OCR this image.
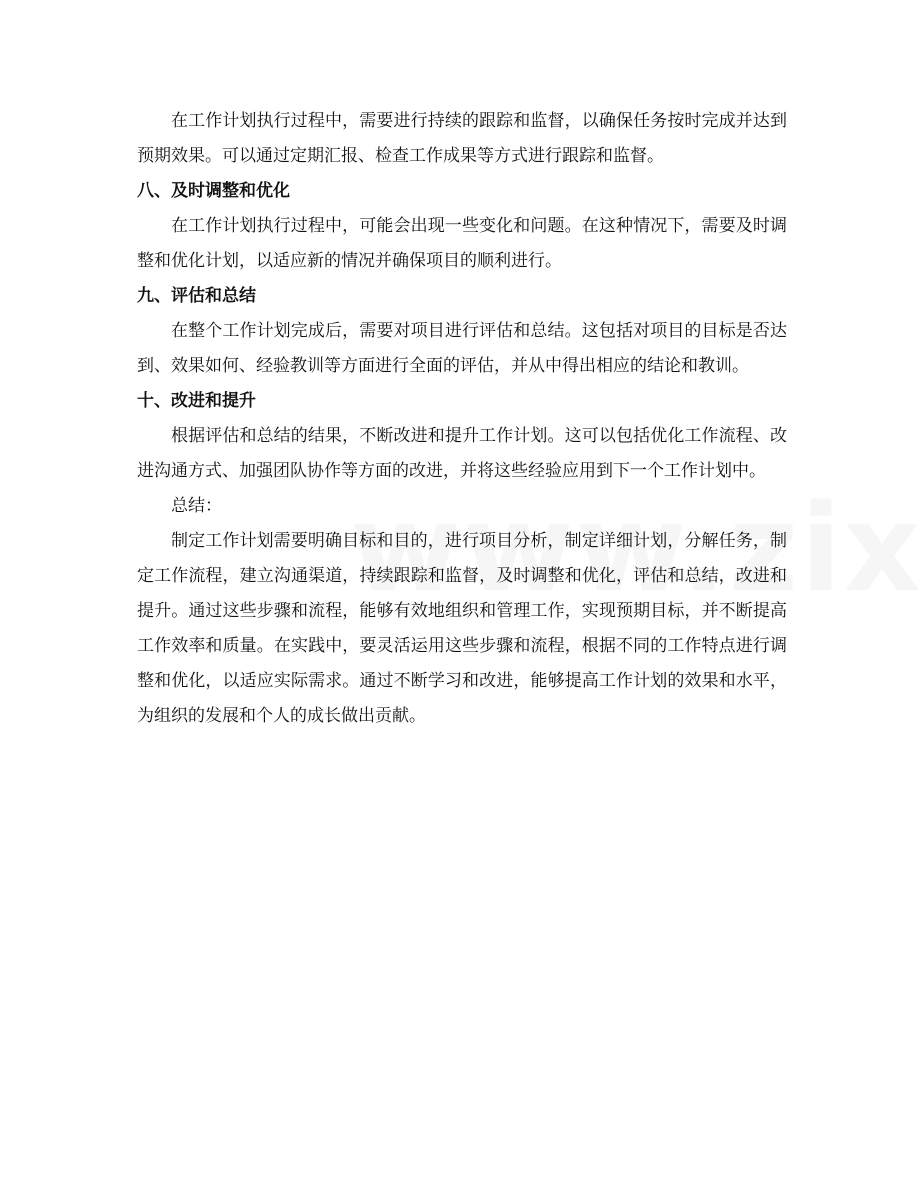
在工作计划执行过程中，需要进行持续的跟踪和监督，以确保任务按时完成并达到预期效果。可以通过定期汇报、检查工作成果等方式进行跟踪和监督。

八、及时调整和优化

在工作计划执行过程中，可能会出现一些变化和问题。在这种情况下，需要及时调整和优化计划，以适应新的情况并确保项目的顺利进行。

九、评估和总结

在整个工作计划完成后，需要对项目进行评估和总结。这包括对项目的目标是否达到、效果如何、经验教训等方面进行全面的评估，并从中得出相应的结论和教训。

十、改进和提升

根据评估和总结的结果，不断改进和提升工作计划。这可以包括优化工作流程、改进沟通方式、加强团队协作等方面的改进，并将这些经验应用到下一个工作计划中。

总结：

制定工作计划需要明确目标和目的，进行项目分析，制定详细计划，分解任务，制定工作流程，建立沟通渠道，持续跟踪和监督，及时调整和优化，评估和总结，改进和提升。通过这些步骤和流程，能够有效地组织和管理工作，实现预期目标，并不断提高工作效率和质量。在实践中，要灵活运用这些步骤和流程，根据不同的工作特点进行调整和优化，以适应实际需求。通过不断学习和改进，能够提高工作计划的效果和水平，为组织的发展和个人的成长做出贡献。
